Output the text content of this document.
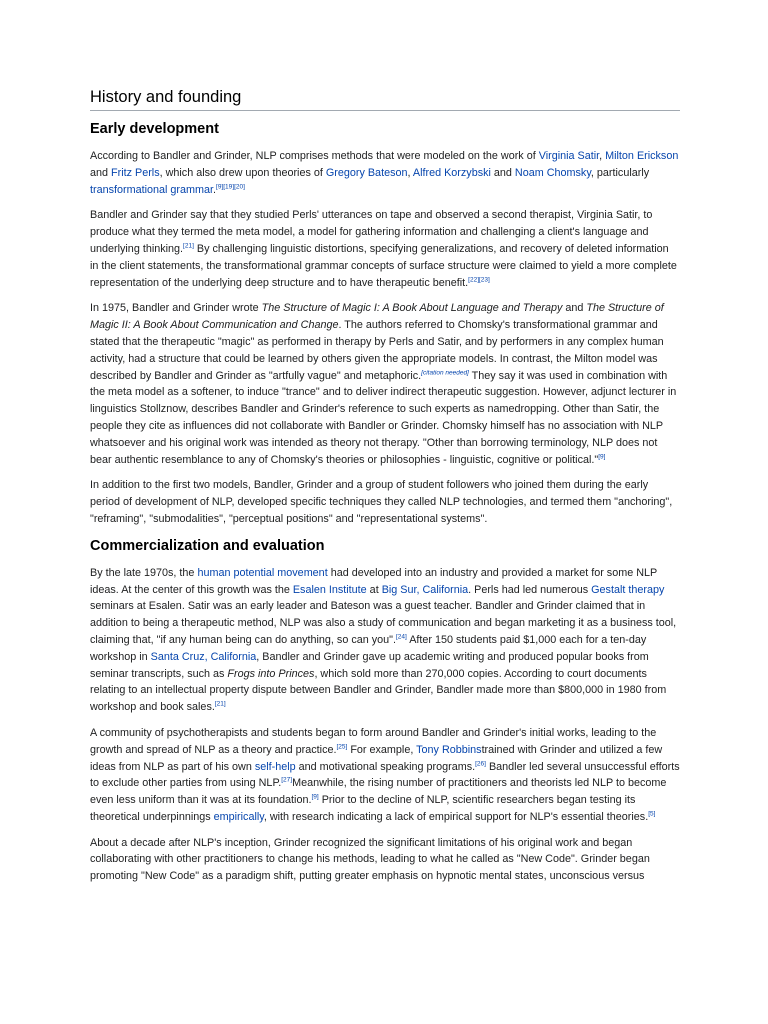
History and founding
Early development

According to Bandler and Grinder, NLP comprises methods that were modeled on the work of Virginia Satir, Milton Erickson and Fritz Perls, which also drew upon theories of Gregory Bateson, Alfred Korzybski and Noam Chomsky, particularly transformational grammar.[9][19][20]

Bandler and Grinder say that they studied Perls' utterances on tape and observed a second therapist, Virginia Satir, to produce what they termed the meta model, a model for gathering information and challenging a client's language and underlying thinking.[21] By challenging linguistic distortions, specifying generalizations, and recovery of deleted information in the client statements, the transformational grammar concepts of surface structure were claimed to yield a more complete representation of the underlying deep structure and to have therapeutic benefit.[22][23]

In 1975, Bandler and Grinder wrote The Structure of Magic I: A Book About Language and Therapy and The Structure of Magic II: A Book About Communication and Change. The authors referred to Chomsky's transformational grammar and stated that the therapeutic "magic" as performed in therapy by Perls and Satir, and by performers in any complex human activity, had a structure that could be learned by others given the appropriate models. In contrast, the Milton model was described by Bandler and Grinder as "artfully vague" and metaphoric.[citation needed] They say it was used in combination with the meta model as a softener, to induce "trance" and to deliver indirect therapeutic suggestion. However, adjunct lecturer in linguistics Stollznow, describes Bandler and Grinder's reference to such experts as namedropping. Other than Satir, the people they cite as influences did not collaborate with Bandler or Grinder. Chomsky himself has no association with NLP whatsoever and his original work was intended as theory not therapy. "Other than borrowing terminology, NLP does not bear authentic resemblance to any of Chomsky's theories or philosophies - linguistic, cognitive or political."[9]

In addition to the first two models, Bandler, Grinder and a group of student followers who joined them during the early period of development of NLP, developed specific techniques they called NLP technologies, and termed them "anchoring", "reframing", "submodalities", "perceptual positions" and "representational systems".

Commercialization and evaluation

By the late 1970s, the human potential movement had developed into an industry and provided a market for some NLP ideas. At the center of this growth was the Esalen Institute at Big Sur, California. Perls had led numerous Gestalt therapy seminars at Esalen. Satir was an early leader and Bateson was a guest teacher. Bandler and Grinder claimed that in addition to being a therapeutic method, NLP was also a study of communication and began marketing it as a business tool, claiming that, "if any human being can do anything, so can you".[24] After 150 students paid $1,000 each for a ten-day workshop in Santa Cruz, California, Bandler and Grinder gave up academic writing and produced popular books from seminar transcripts, such as Frogs into Princes, which sold more than 270,000 copies. According to court documents relating to an intellectual property dispute between Bandler and Grinder, Bandler made more than $800,000 in 1980 from workshop and book sales.[21]

A community of psychotherapists and students began to form around Bandler and Grinder's initial works, leading to the growth and spread of NLP as a theory and practice.[25] For example, Tony Robbinstrained with Grinder and utilized a few ideas from NLP as part of his own self-help and motivational speaking programs.[26] Bandler led several unsuccessful efforts to exclude other parties from using NLP.[27]Meanwhile, the rising number of practitioners and theorists led NLP to become even less uniform than it was at its foundation.[9] Prior to the decline of NLP, scientific researchers began testing its theoretical underpinnings empirically, with research indicating a lack of empirical support for NLP's essential theories.[5]

About a decade after NLP's inception, Grinder recognized the significant limitations of his original work and began collaborating with other practitioners to change his methods, leading to what he called as "New Code". Grinder began promoting "New Code" as a paradigm shift, putting greater emphasis on hypnotic mental states, unconscious versus
